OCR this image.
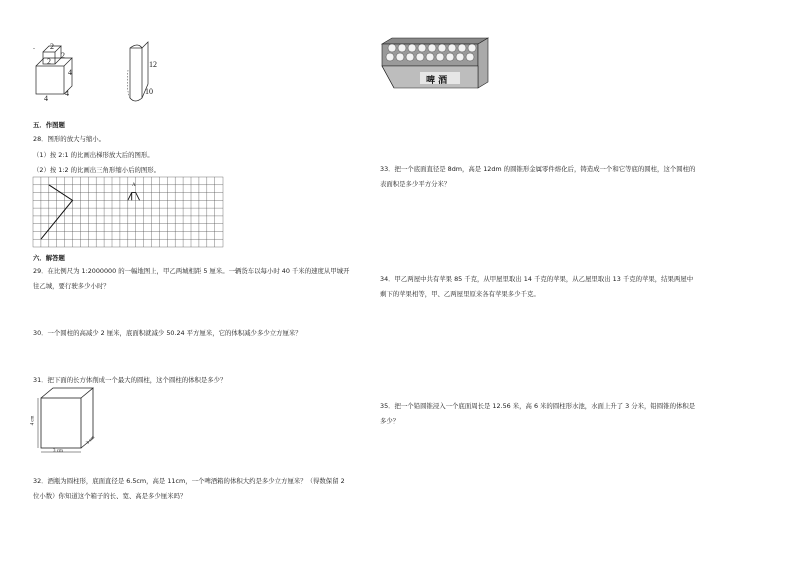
2
2
2
4
4
4
12
10
啤 酒
五．作图题
28．图形的放大与缩小。
（1）按 2:1 的比画出梯形放大后的图形。
（2）按 1:2 的比画出三角形缩小后的图形。
A
六．解答题
29．在比例尺为 1:2000000 的一幅地图上，甲乙两城相距 5 厘米。一辆货车以每小时 40 千米的速度从甲城开
往乙城，要行驶多少小时？
30．一个圆柱的高减少 2 厘米，底面积就减少 50.24 平方厘米，它的体积减少多少立方厘米？
31．把下面的长方体削成一个最大的圆柱，这个圆柱的体积是多少？
4 cm
3 cm
3 cm
32．酒瓶为圆柱形，底面直径是 6.5cm，高是 11cm，一个啤酒箱的体积大约是多少立方厘米？（得数保留 2
位小数）你知道这个箱子的长、宽、高是多少厘米吗？
33．把一个底面直径是 8dm，高是 12dm 的圆锥形金属零件熔化后，铸造成一个和它等底的圆柱，这个圆柱的
表面积是多少平方分米？
34．甲乙两屋中共有苹果 85 千克，从甲屋里取出 14 千克的苹果，从乙屋里取出 13 千克的苹果，结果两屋中
剩下的苹果相等，甲、乙两屋里原来各有苹果多少千克。
35．把一个铅圆锥浸入一个底面周长是 12.56 米，高 6 米的圆柱形水池，水面上升了 3 分米，铅圆锥的体积是
多少？
